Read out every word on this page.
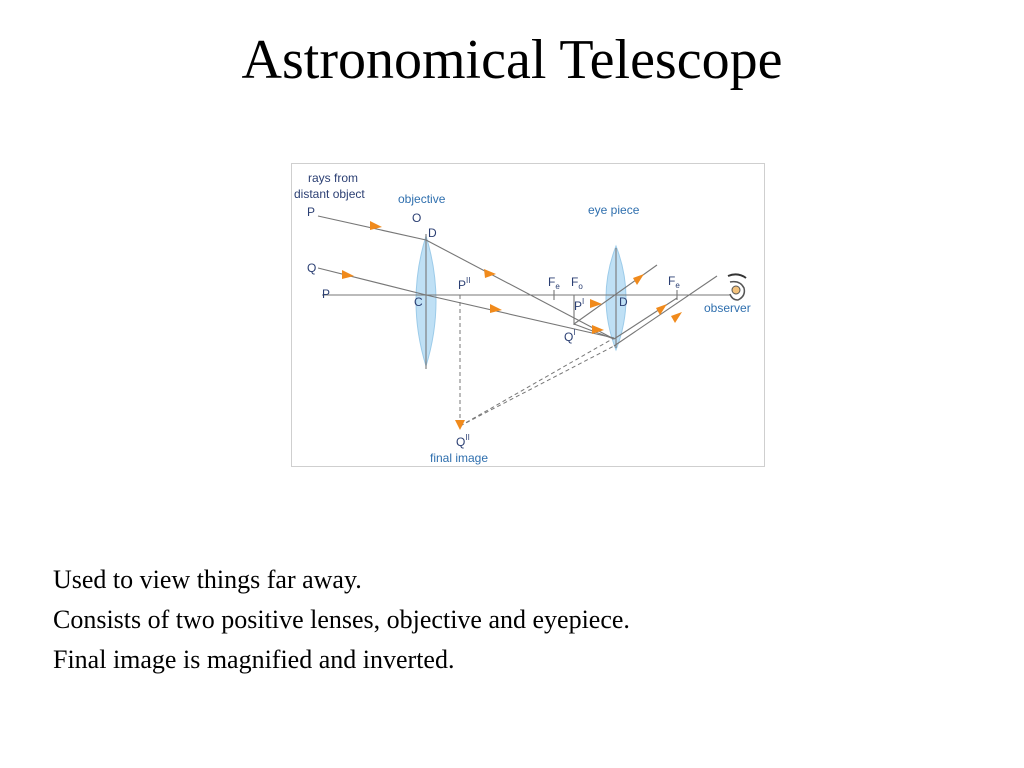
Astronomical Telescope
rays from
distant object	objective
eye piece
observer
final image
P
Q
P
O
D
C
$P^{II}$	$F_e$ $F_o$
$P^I$	D
$F_e$
$Q^I$
$Q^{II}$
Used to view things far away.
Consists of two positive lenses, objective and eyepiece.
Final image is magnified and inverted.
